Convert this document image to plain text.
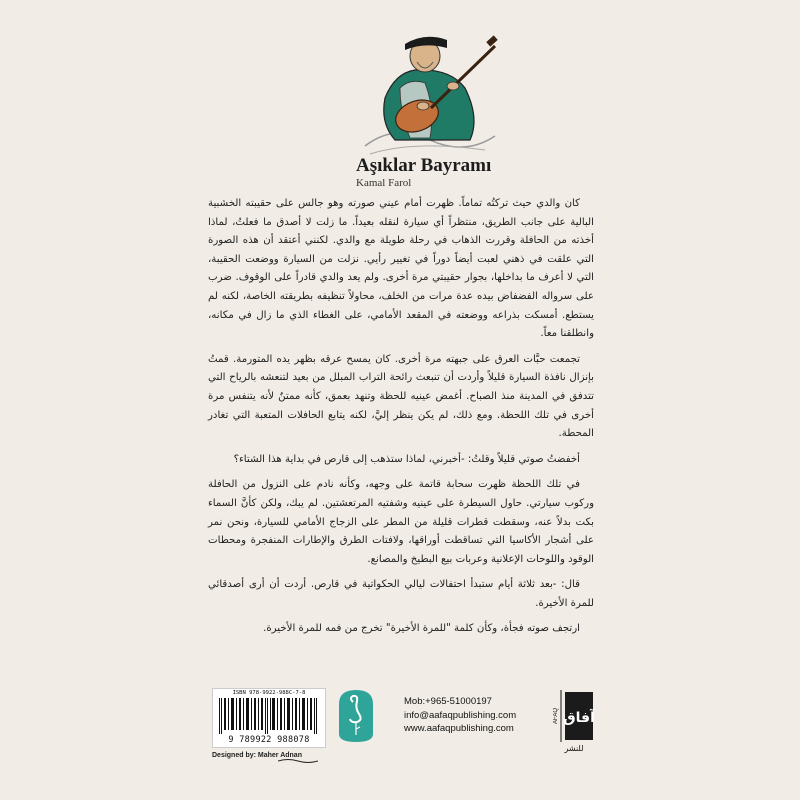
Aşıklar Bayramı
Kamal Farol

كان والدي حيث تركتُه تماماً. ظهرت أمام عيني صورته وهو جالس على حقيبته الخشبية البالية على جانب الطريق، منتظراً أي سيارة لنقله بعيداً. ما زلت لا أصدق ما فعلتُ، لماذا أخذته من الحافلة وقررت الذهاب في رحلة طويلة مع والدي. لكنني أعتقد أن هذه الصورة التي علقت في ذهني لعبت أيضاً دوراً في تغيير رأيي. نزلت من السيارة ووضعت الحقيبة، التي لا أعرف ما بداخلها، بجوار حقيبتي مرة أخرى. ولم يعد والدي قادراً على الوقوف. ضرب على سرواله الفضفاض بيده عدة مرات من الخلف، محاولاً تنظيفه بطريقته الخاصة، لكنه لم يستطع. أمسكت بذراعه ووضعته في المقعد الأمامي، على الغطاء الذي ما زال في مكانه، وانطلقنا معاً.

تجمعت حبَّات العرق على جبهته مرة أخرى. كان يمسح عرقه بظهر يده المتورمة. قمتُ بإنزال نافذة السيارة قليلاً وأردت أن تنبعث رائحة التراب المبلل من بعيد لتنعشه بالرياح التي تتدفق في المدينة منذ الصباح. أغمض عينيه للحظة وتنهد بعمق، كأنه ممتنٌ لأنه يتنفس مرة أخرى في تلك اللحظة. ومع ذلك، لم يكن ينظر إليَّ، لكنه يتابع الحافلات المتعبة التي تغادر المحطة.

أخفضتُ صوتي قليلاً وقلتُ: -أخبرني، لماذا ستذهب إلى قارص في بداية هذا الشتاء؟

في تلك اللحظة ظهرت سحابة قاتمة على وجهه، وكأنه نادم على النزول من الحافلة وركوب سيارتي. حاول السيطرة على عينيه وشفتيه المرتعشتين. لم يبك، ولكن كأنَّ السماء بكت بدلاً عنه، وسقطت قطرات قليلة من المطر على الزجاج الأمامي للسيارة، ونحن نمر على أشجار الأكاسيا التي تساقطت أوراقها، ولافتات الطرق والإطارات المنفجرة ومحطات الوقود واللوحات الإعلانية وعربات بيع البطيخ والمصانع.

قال: -بعد ثلاثة أيام ستبدأ احتفالات ليالي الحكواتية في قارص. أردت أن أرى أصدقائي للمرة الأخيرة.

ارتجف صوته فجأة، وكأن كلمة "للمرة الأخيرة" تخرج من فمه للمرة الأخيرة.

ISBN 978-9922-988C-7-8
9 789922 988078
Designed by: Maher Adnan
Mob:+965-51000197
info@aafaqpublishing.com
www.aafaqpublishing.com
AFAQ آفاق
للنشر
